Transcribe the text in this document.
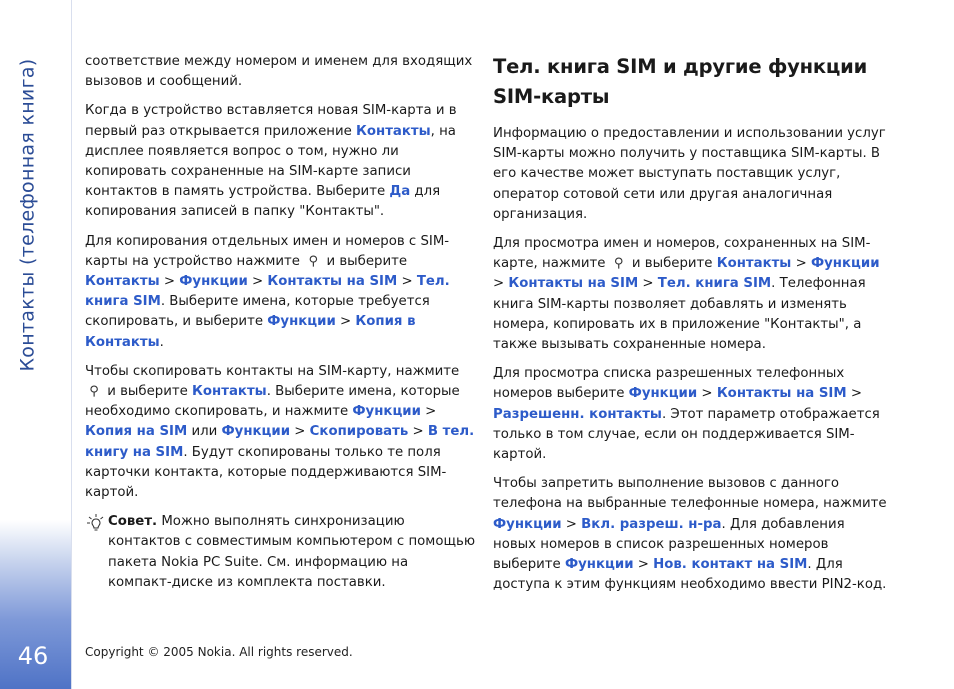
Контакты (телефонная книга)
46

соответствие между номером и именем для входящих вызовов и сообщений.

Когда в устройство вставляется новая SIM-карта и в первый раз открывается приложение Контакты, на дисплее появляется вопрос о том, нужно ли копировать сохраненные на SIM-карте записи контактов в память устройства. Выберите Да для копирования записей в папку "Контакты".

Для копирования отдельных имен и номеров с SIM-карты на устройство нажмите ⚲ и выберите Контакты > Функции > Контакты на SIM > Тел. книга SIM. Выберите имена, которые требуется скопировать, и выберите Функции > Копия в Контакты.

Чтобы скопировать контакты на SIM-карту, нажмите ⚲ и выберите Контакты. Выберите имена, которые необходимо скопировать, и нажмите Функции > Копия на SIM или Функции > Скопировать > В тел. книгу на SIM. Будут скопированы только те поля карточки контакта, которые поддерживаются SIM-картой.

Совет. Можно выполнять синхронизацию контактов с совместимым компьютером с помощью пакета Nokia PC Suite. См. информацию на компакт-диске из комплекта поставки.

Тел. книга SIM и другие функции SIM-карты

Информацию о предоставлении и использовании услуг SIM-карты можно получить у поставщика SIM-карты. В его качестве может выступать поставщик услуг, оператор сотовой сети или другая аналогичная организация.

Для просмотра имен и номеров, сохраненных на SIM-карте, нажмите ⚲ и выберите Контакты > Функции > Контакты на SIM > Тел. книга SIM. Телефонная книга SIM-карты позволяет добавлять и изменять номера, копировать их в приложение "Контакты", а также вызывать сохраненные номера.

Для просмотра списка разрешенных телефонных номеров выберите Функции > Контакты на SIM > Разрешенн. контакты. Этот параметр отображается только в том случае, если он поддерживается SIM-картой.

Чтобы запретить выполнение вызовов с данного телефона на выбранные телефонные номера, нажмите Функции > Вкл. разреш. н-ра. Для добавления новых номеров в список разрешенных номеров выберите Функции > Нов. контакт на SIM. Для доступа к этим функциям необходимо ввести PIN2-код.

Copyright © 2005 Nokia. All rights reserved.
